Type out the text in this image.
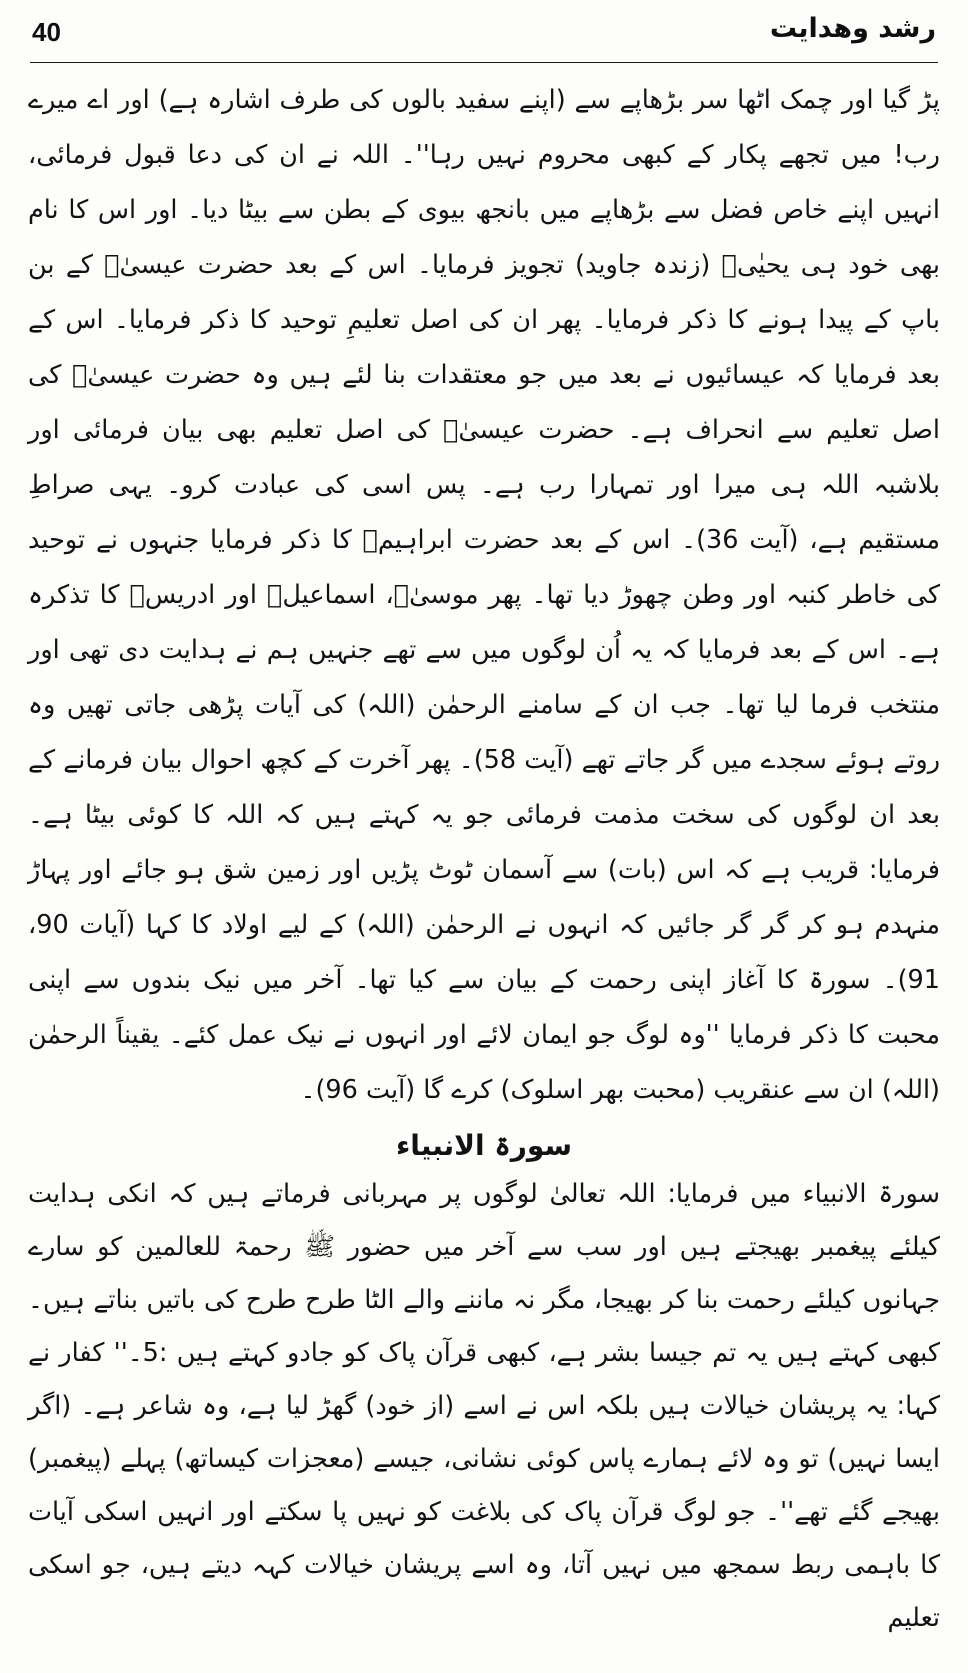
رشد وهدایت
40

پڑ گیا اور چمک اٹھا سر بڑھاپے سے (اپنے سفید بالوں کی طرف اشارہ ہے) اور اے میرے رب! میں تجھے پکار کے کبھی محروم نہیں رہا''۔ اللہ نے ان کی دعا قبول فرمائی، انہیں اپنے خاص فضل سے بڑھاپے میں بانجھ بیوی کے بطن سے بیٹا دیا۔ اور اس کا نام بھی خود ہی یحیٰیؑ (زندہ جاوید) تجویز فرمایا۔ اس کے بعد حضرت عیسیٰؑ کے بن باپ کے پیدا ہونے کا ذکر فرمایا۔ پھر ان کی اصل تعلیمِ توحید کا ذکر فرمایا۔ اس کے بعد فرمایا کہ عیسائیوں نے بعد میں جو معتقدات بنا لئے ہیں وہ حضرت عیسیٰؑ کی اصل تعلیم سے انحراف ہے۔ حضرت عیسیٰؑ کی اصل تعلیم بھی بیان فرمائی اور بلاشبہ اللہ ہی میرا اور تمہارا رب ہے۔ پس اسی کی عبادت کرو۔ یہی صراطِ مستقیم ہے، (آیت 36)۔ اس کے بعد حضرت ابراہیمؑ کا ذکر فرمایا جنہوں نے توحید کی خاطر کنبہ اور وطن چھوڑ دیا تھا۔ پھر موسیٰؑ، اسماعیلؑ اور ادریسؑ کا تذکرہ ہے۔ اس کے بعد فرمایا کہ یہ اُن لوگوں میں سے تھے جنہیں ہم نے ہدایت دی تھی اور منتخب فرما لیا تھا۔ جب ان کے سامنے الرحمٰن (اللہ) کی آیات پڑھی جاتی تھیں وہ روتے ہوئے سجدے میں گر جاتے تھے (آیت 58)۔ پھر آخرت کے کچھ احوال بیان فرمانے کے بعد ان لوگوں کی سخت مذمت فرمائی جو یہ کہتے ہیں کہ اللہ کا کوئی بیٹا ہے۔ فرمایا: قریب ہے کہ اس (بات) سے آسمان ٹوٹ پڑیں اور زمین شق ہو جائے اور پہاڑ منہدم ہو کر گر گر جائیں کہ انہوں نے الرحمٰن (اللہ) کے لیے اولاد کا کہا (آیات 90، 91)۔ سورۃ کا آغاز اپنی رحمت کے بیان سے کیا تھا۔ آخر میں نیک بندوں سے اپنی محبت کا ذکر فرمایا ''وہ لوگ جو ایمان لائے اور انہوں نے نیک عمل کئے۔ یقیناً الرحمٰن (اللہ) ان سے عنقریب (محبت بھر اسلوک) کرے گا (آیت 96)۔

سورۃ الانبیاء

سورۃ الانبیاء میں فرمایا: اللہ تعالیٰ لوگوں پر مہربانی فرماتے ہیں کہ انکی ہدایت کیلئے پیغمبر بھیجتے ہیں اور سب سے آخر میں حضور ﷺ رحمۃ للعالمین کو سارے جہانوں کیلئے رحمت بنا کر بھیجا، مگر نہ ماننے والے الٹا طرح طرح کی باتیں بناتے ہیں۔ کبھی کہتے ہیں یہ تم جیسا بشر ہے، کبھی قرآن پاک کو جادو کہتے ہیں :5۔'' کفار نے کہا: یہ پریشان خیالات ہیں بلکہ اس نے اسے (از خود) گھڑ لیا ہے، وہ شاعر ہے۔ (اگر ایسا نہیں) تو وہ لائے ہمارے پاس کوئی نشانی، جیسے (معجزات کیساتھ) پہلے (پیغمبر) بھیجے گئے تھے''۔ جو لوگ قرآن پاک کی بلاغت کو نہیں پا سکتے اور انہیں اسکی آیات کا باہمی ربط سمجھ میں نہیں آتا، وہ اسے پریشان خیالات کہہ دیتے ہیں، جو اسکی تعلیم
